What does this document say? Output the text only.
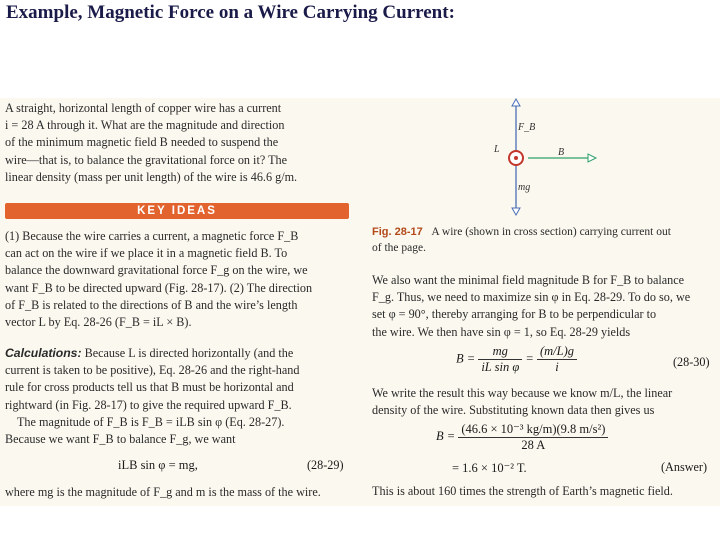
Example, Magnetic Force on a Wire Carrying Current:
A straight, horizontal length of copper wire has a current
i = 28 A through it. What are the magnitude and direction
of the minimum magnetic field B needed to suspend the
wire—that is, to balance the gravitational force on it? The
linear density (mass per unit length) of the wire is 46.6 g/m.
KEY IDEAS
(1) Because the wire carries a current, a magnetic force F_B
can act on the wire if we place it in a magnetic field B. To
balance the downward gravitational force F_g on the wire, we
want F_B to be directed upward (Fig. 28-17). (2) The direction
of F_B is related to the directions of B and the wire’s length
vector L by Eq. 28-26 (F_B = iL × B).
Calculations: Because L is directed horizontally (and the
current is taken to be positive), Eq. 28-26 and the right-hand
rule for cross products tell us that B must be horizontal and
rightward (in Fig. 28-17) to give the required upward F_B.
The magnitude of F_B is F_B = iLB sin φ (Eq. 28-27).
Because we want F_B to balance F_g, we want
iLB sin φ = mg,	(28-29)
where mg is the magnitude of F_g and m is the mass of the wire.
F_B
L	B
mg
Fig. 28-17 A wire (shown in cross section) carrying current out
of the page.
We also want the minimal field magnitude B for F_B to balance
F_g. Thus, we need to maximize sin φ in Eq. 28-29. To do so, we
set φ = 90°, thereby arranging for B to be perpendicular to
the wire. We then have sin φ = 1, so Eq. 28-29 yields
$B = \frac{mg}{\text{iL sin φ}} = \frac{(m/L)g}{i}$	(28-30)
We write the result this way because we know m/L, the linear
density of the wire. Substituting known data then gives us
$B = \frac{\text{(46.6 × 10⁻³ kg/m)(9.8 m/s²)}}{28 A}$
= 1.6 × 10⁻² T.	(Answer)
This is about 160 times the strength of Earth’s magnetic field.
